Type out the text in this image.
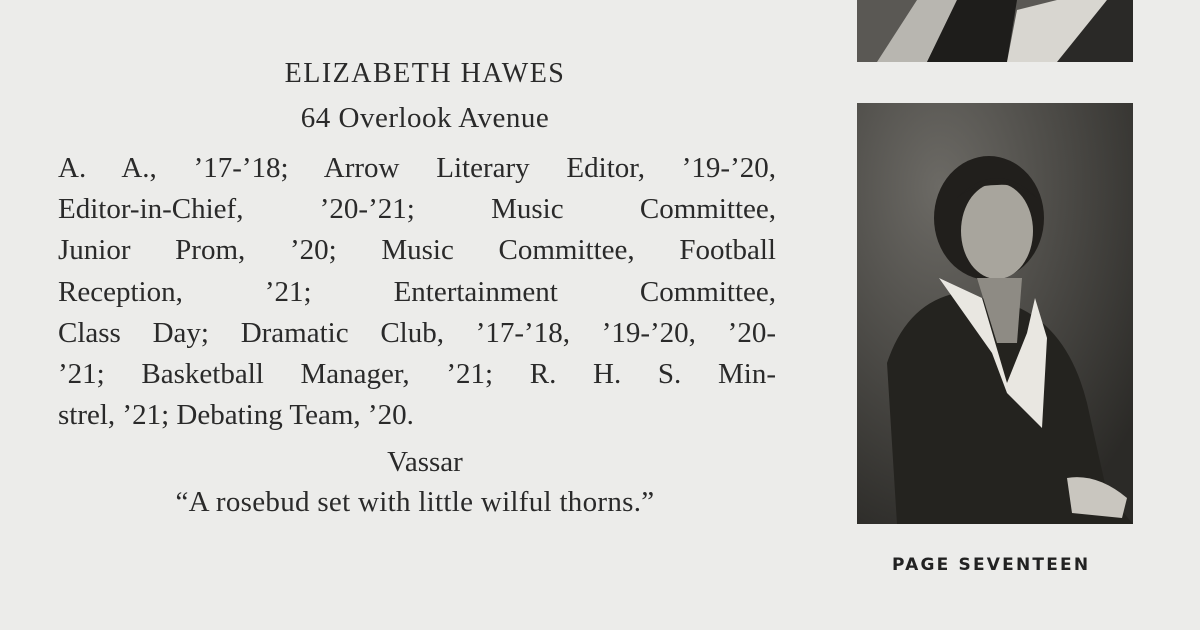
ELIZABETH HAWES
64 Overlook Avenue
A. A., ’17-’18; Arrow Literary Editor, ’19-’20,
Editor-in-Chief, ’20-’21; Music Committee,
Junior Prom, ’20; Music Committee, Football
Reception, ’21; Entertainment Committee,
Class Day; Dramatic Club, ’17-’18, ’19-’20, ’20-
’21; Basketball Manager, ’21; R. H. S. Min-
strel, ’21; Debating Team, ’20.
Vassar
“A rosebud set with little wilful thorns.”
PAGE SEVENTEEN
